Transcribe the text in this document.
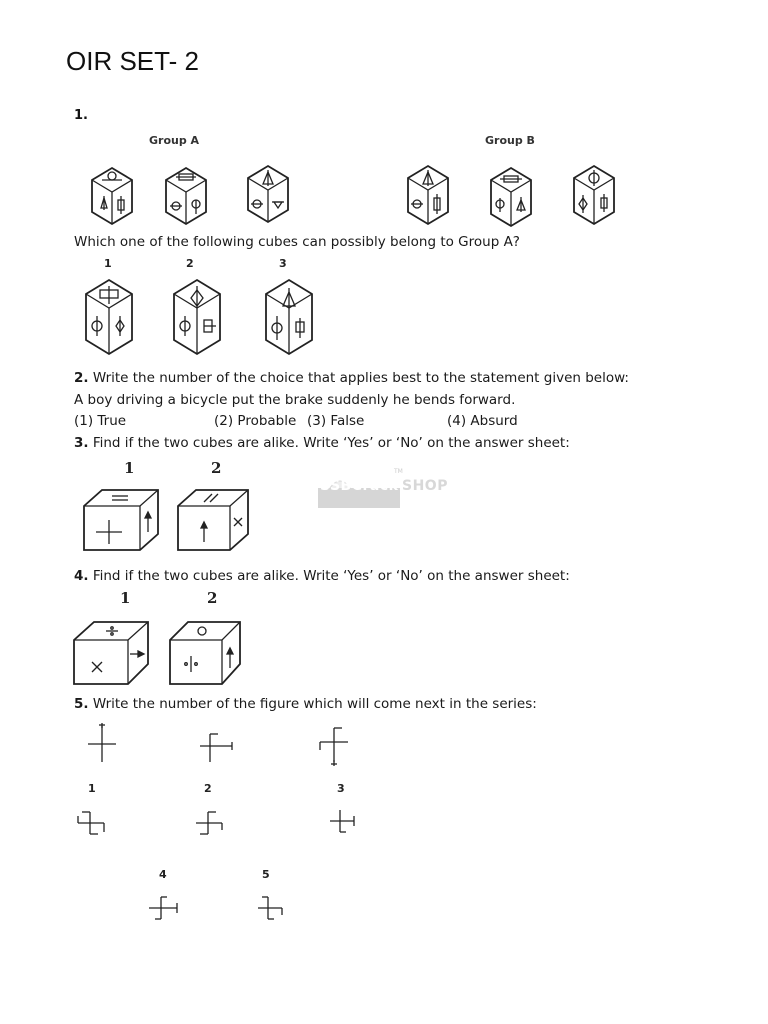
OIR SET- 2
SSBCrack SHOP
TM
1.
Group A	Group B
Which one of the following cubes can possibly belong to Group A?
1	2	3
2. Write the number of the choice that applies best to the statement given below:
A boy driving a bicycle put the brake suddenly he bends forward.
(1) True	(2) Probable (3) False	(4) Absurd
3. Find if the two cubes are alike. Write ‘Yes’ or ‘No’ on the answer sheet:
1	2
4. Find if the two cubes are alike. Write ‘Yes’ or ‘No’ on the answer sheet:
1	2
5. Write the number of the figure which will come next in the series:
1	2	3
4	5
